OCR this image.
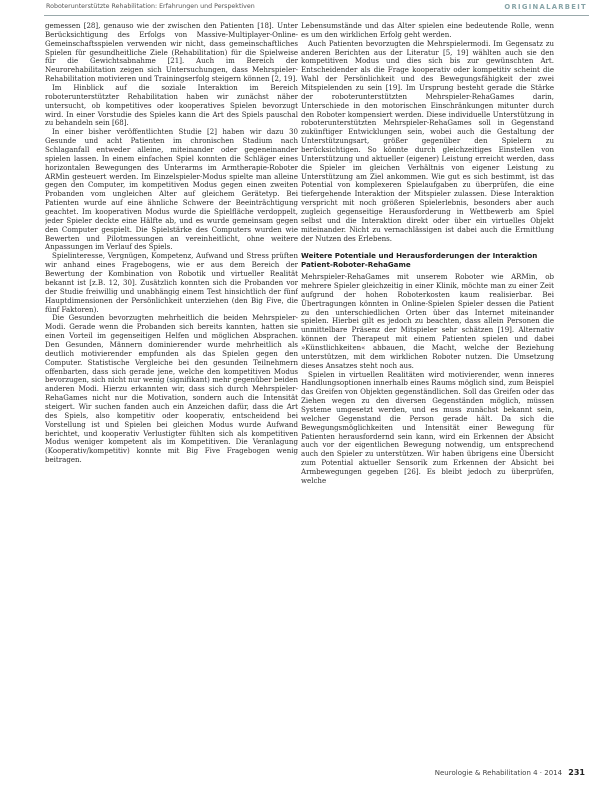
Roboterunterstützte Rehabilitation: Erfahrungen und Perspektiven	ORIGINALARBEIT

gemessen [28], genauso wie der zwischen den Patienten [18]. Unter Berücksichtigung des Erfolgs von Massive-Multiplayer-Online-Gemeinschaftsspielen verwenden wir nicht, dass gemeinschaftliches Spielen für gesundheitliche Ziele (Rehabilitation) für die Spielweise für die Gewichtsabnahme [21]. Auch im Bereich der Neurorehabilitation zeigen sich Untersuchungen, dass Mehrspieler-Rehabilitation motivieren und Trainingserfolg steigern können [2, 19].

Im Hinblick auf die soziale Interaktion im Bereich roboterunterstützter Rehabilitation haben wir zunächst näher untersucht, ob kompetitives oder kooperatives Spielen bevorzugt wird. In einer Vorstudie des Spieles kann die Art des Spiels pauschal zu behandeln sein [68].

In einer bisher veröffentlichten Studie [2] haben wir dazu 30 Gesunde und acht Patienten im chronischen Stadium nach Schlaganfall entweder alleine, miteinander oder gegeneinander spielen lassen. In einem einfachen Spiel konnten die Schläger eines horizontalen Bewegungen des Unterarms im Armtherapie-Roboter ARMin gesteuert werden. Im Einzelspieler-Modus spielte man alleine gegen den Computer, im kompetitiven Modus gegen einen zweiten Probanden vom ungleichen Alter auf gleichem Gerätetyp. Bei Patienten wurde auf eine ähnliche Schwere der Beeinträchtigung geachtet. Im kooperativen Modus wurde die Spielfläche verdoppelt, jeder Spieler deckte eine Hälfte ab, und es wurde gemeinsam gegen den Computer gespielt. Die Spielstärke des Computers wurden wie Bewerten und Pilotmessungen an vereinheitlicht, ohne weitere Anpassungen im Verlauf des Spiels.

Spielinteresse, Vergnügen, Kompetenz, Aufwand und Stress prüften wir anhand eines Fragebogens, wie er aus dem Bereich der Bewertung der Kombination von Robotik und virtueller Realität bekannt ist [z.B. 12, 30]. Zusätzlich konnten sich die Probanden vor der Studie freiwillig und unabhängig einem Test hinsichtlich der fünf Hauptdimensionen der Persönlichkeit unterziehen (den Big Five, die fünf Faktoren).

Die Gesunden bevorzugten mehrheitlich die beiden Mehrspieler-Modi. Gerade wenn die Probanden sich bereits kannten, hatten sie einen Vorteil im gegenseitigen Helfen und möglichen Absprachen. Den Gesunden, Männern dominierender wurde mehrheitlich als deutlich motivierender empfunden als das Spielen gegen den Computer. Statistische Vergleiche bei den gesunden Teilnehmern offenbarten, dass sich gerade jene, welche den kompetitiven Modus bevorzugen, sich nicht nur wenig (signifikant) mehr gegenüber beiden anderen Modi. Hierzu erkannten wir, dass sich durch Mehrspieler-RehaGames nicht nur die Motivation, sondern auch die Intensität steigert. Wir suchen fanden auch ein Anzeichen dafür, dass die Art des Spiels, also kompetitiv oder kooperativ, entscheidend bei Vorstellung ist und Spielen bei gleichen Modus wurde Aufwand berichtet, und kooperativ Verlustigter fühlten sich als kompetitiven Modus weniger kompetent als im Kompetitiven. Die Veranlagung (Kooperativ/kompetitiv) konnte mit Big Five Fragebogen wenig beitragen.

Lebensumstände und das Alter spielen eine bedeutende Rolle, wenn es um den wirklichen Erfolg geht werden.

Auch Patienten bevorzugten die Mehrspielermodi. Im Gegensatz zu anderen Berichten aus der Literatur [5, 19] wählten auch sie den kompetitiven Modus und dies sich bis zur gewünschten Art. Entscheidender als die Frage kooperativ oder kompetitiv scheint die Wahl der Persönlichkeit und des Bewegungsfähigkeit der zwei Mitspielenden zu sein [19]. Im Ursprung besteht gerade die Stärke der roboterunterstützten Mehrspieler-RehaGames darin, Unterschiede in den motorischen Einschränkungen mitunter durch den Roboter kompensiert werden. Diese individuelle Unterstützung in roboterunterstützten Mehrspieler-RehaGames soll in Gegenstand zukünftiger Entwicklungen sein, wobei auch die Gestaltung der Unterstützungsart, größer gegenüber den Spielern zu berücksichtigen. So könnte durch gleichzeitiges Einstellen von Unterstützung und aktueller (eigener) Leistung erreicht werden, dass die Spieler im gleichen Verhältnis von eigener Leistung zu Unterstützung am Ziel ankommen. Wie gut es sich bestimmt, ist das Potential von komplexeren Spielaufgaben zu überprüfen, die eine tiefergehende Interaktion der Mitspieler zulassen. Diese Interaktion verspricht mit noch größeren Spielerlebnis, besonders aber auch zugleich gegenseitige Herausforderung in Wettbewerb am Spiel selbst und die Interaktion direkt oder über ein virtuelles Objekt miteinander. Nicht zu vernachlässigen ist dabei auch die Ermittlung der Nutzen des Erlebens.

Weitere Potentiale und Herausforderungen der Interaktion Patient-Roboter-RehaGame

Mehrspieler-RehaGames mit unserem Roboter wie ARMin, ob mehrere Spieler gleichzeitig in einer Klinik, möchte man zu einer Zeit aufgrund der hohen Roboterkosten kaum realisierbar. Bei Übertragungen könnten in Online-Spielen Spieler dessen die Patient zu den unterschiedlichen Orten über das Internet miteinander spielen. Hierbei gilt es jedoch zu beachten, dass allein Personen die unmittelbare Präsenz der Mitspieler sehr schätzen [19]. Alternativ können der Therapeut mit einem Patienten spielen und dabei »Künstlichkeiten« abbauen, die Macht, welche der Beziehung unterstützen, mit dem wirklichen Roboter nutzen. Die Umsetzung dieses Ansatzes steht noch aus.

Spielen in virtuellen Realitäten wird motivierender, wenn inneres Handlungsoptionen innerhalb eines Raums möglich sind, zum Beispiel das Greifen von Objekten gegenständlichen. Soll das Greifen oder das Ziehen wegen zu den diversen Gegenständen möglich, müssen Systeme umgesetzt werden, und es muss zunächst bekannt sein, welcher Gegenstand die Person gerade hält. Da sich die Bewegungsmöglichkeiten und Intensität einer Bewegung für Patienten herausfordernd sein kann, wird ein Erkennen der Absicht auch vor der eigentlichen Bewegung notwendig, um entsprechend auch den Spieler zu unterstützen. Wir haben übrigens eine Übersicht zum Potential aktueller Sensorik zum Erkennen der Absicht bei Armbewegungen gegeben [26]. Es bleibt jedoch zu überprüfen, welche

Neurologie & Rehabilitation 4 · 2014 231
